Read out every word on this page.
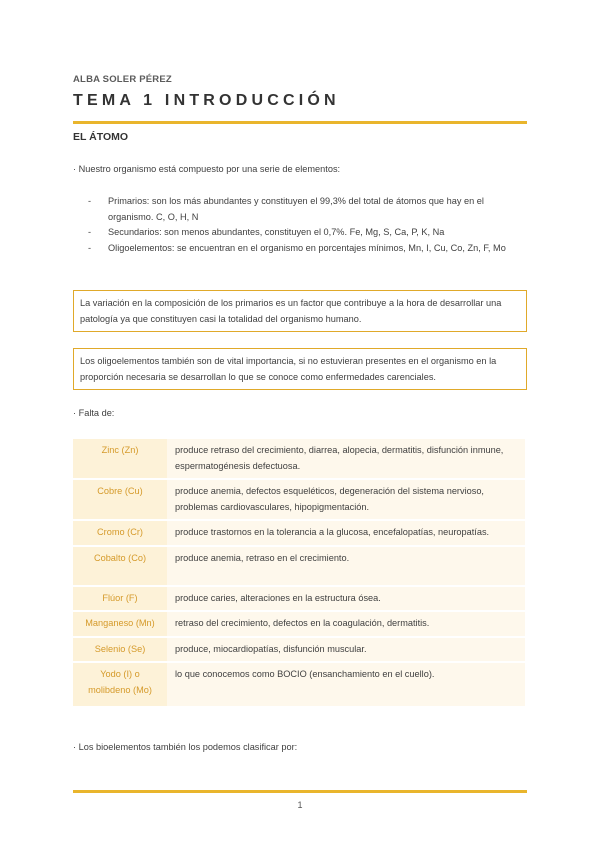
ALBA SOLER PÉREZ
TEMA 1 INTRODUCCIÓN
EL ÁTOMO
· Nuestro organismo está compuesto por una serie de elementos:
- Primarios: son los más abundantes y constituyen el 99,3% del total de átomos que hay en el organismo. C, O, H, N
- Secundarios: son menos abundantes, constituyen el 0,7%. Fe, Mg, S, Ca, P, K, Na
- Oligoelementos: se encuentran en el organismo en porcentajes mínimos, Mn, I, Cu, Co, Zn, F, Mo
La variación en la composición de los primarios es un factor que contribuye a la hora de desarrollar una patología ya que constituyen casi la totalidad del organismo humano.
Los oligoelementos también son de vital importancia, si no estuvieran presentes en el organismo en la proporción necesaria se desarrollan lo que se conoce como enfermedades carenciales.
· Falta de:
Zinc (Zn)	produce retraso del crecimiento, diarrea, alopecia, dermatitis, disfunción inmune, espermatogénesis defectuosa.
Cobre (Cu)	produce anemia, defectos esqueléticos, degeneración del sistema nervioso, problemas cardiovasculares, hipopigmentación.
Cromo (Cr)	produce trastornos en la tolerancia a la glucosa, encefalopatías, neuropatías.
Cobalto (Co)	produce anemia, retraso en el crecimiento.
Flúor (F)	produce caries, alteraciones en la estructura ósea.
Manganeso (Mn)	retraso del crecimiento, defectos en la coagulación, dermatitis.
Selenio (Se)	produce, miocardiopatías, disfunción muscular.
Yodo (I) o molibdeno (Mo)	lo que conocemos como BOCIO (ensanchamiento en el cuello).
· Los bioelementos también los podemos clasificar por:
1
